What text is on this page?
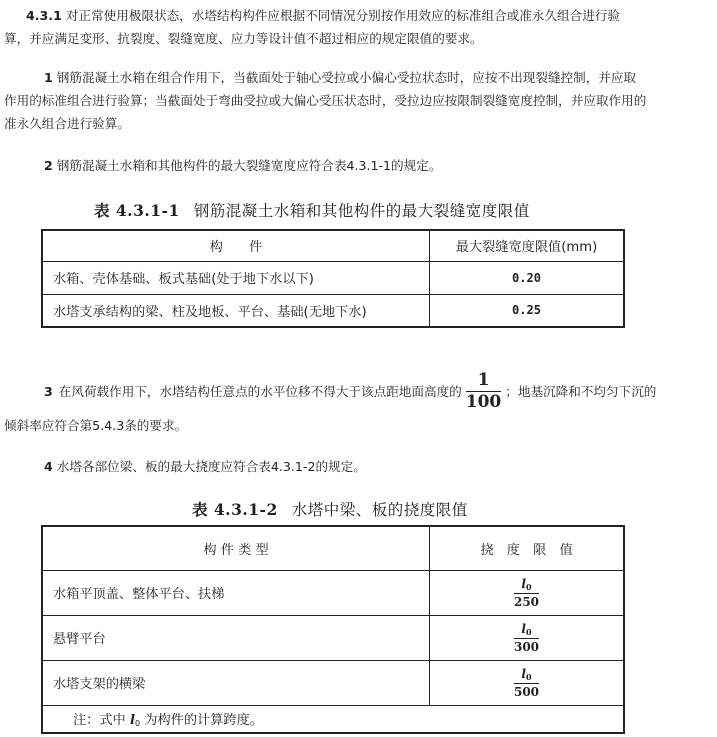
4.3.1 对正常使用极限状态，水塔结构构件应根据不同情况分别按作用效应的标准组合或准永久组合进行验
算，并应满足变形、抗裂度、裂缝宽度、应力等设计值不超过相应的规定限值的要求。
1 钢筋混凝土水箱在组合作用下，当截面处于轴心受拉或小偏心受拉状态时，应按不出现裂缝控制，并应取
作用的标准组合进行验算；当截面处于弯曲受拉或大偏心受压状态时，受拉边应按限制裂缝宽度控制，并应取作用的
准永久组合进行验算。
2 钢筋混凝土水箱和其他构件的最大裂缝宽度应符合表4.3.1-1的规定。
表 4.3.1-1 钢筋混凝土水箱和其他构件的最大裂缝宽度限值
构　　件	最大裂缝宽度限值(mm)
水箱、壳体基础、板式基础(处于地下水以下)	0.20
水塔支承结构的梁、柱及地板、平台、基础(无地下水)	0.25
3 在风荷载作用下，水塔结构任意点的水平位移不得大于该点距地面高度的 $\frac{1}{100}$ ；地基沉降和不均匀下沉的
倾斜率应符合第5.4.3条的要求。
4 水塔各部位梁、板的最大挠度应符合表4.3.1-2的规定。
表 4.3.1-2 水塔中梁、板的挠度限值
构 件 类 型	挠　度　限　值
水箱平顶盖、整体平台、扶梯	$\frac{l_0}{250}$

悬臂平台	$\frac{l_0}{300}$

水塔支架的横梁	$\frac{l_0}{500}$

注：式中 $l_0$ 为构件的计算跨度。	
